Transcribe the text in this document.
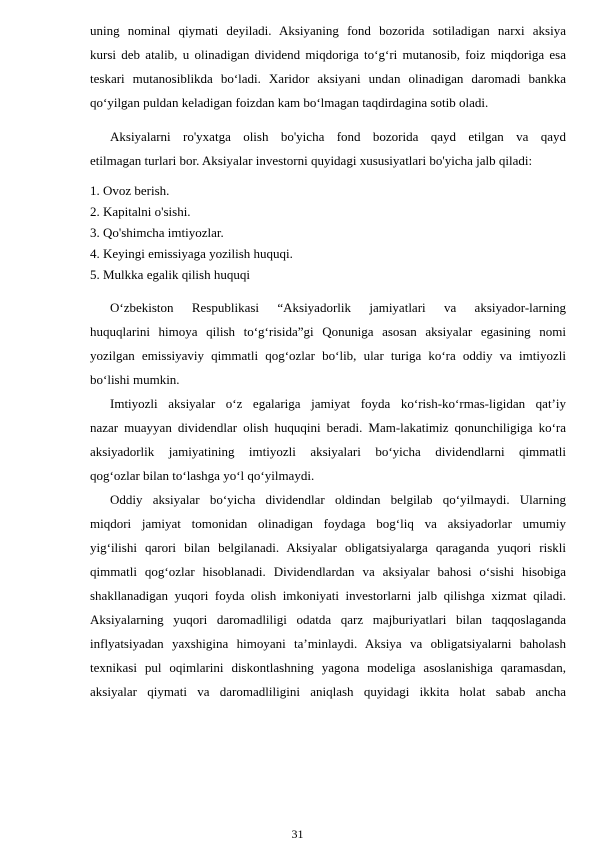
uning nominal qiymati deyiladi. Aksiyaning fond bozorida sotiladigan narxi aksiya
kursi deb atalib, u olinadigan dividend miqdoriga to‘g‘ri mutanosib, foiz miqdoriga esa
teskari mutanosiblikda bo‘ladi. Xaridor aksiyani undan olinadigan daromadi bankka
qo‘yilgan puldan keladigan foizdan kam bo‘lmagan taqdirdagina sotib oladi.
Aksiyalarni ro'yxatga olish bo'yicha fond bozorida qayd etilgan va qayd
etilmagan turlari bor. Aksiyalar investorni quyidagi xususiyatlari bo'yicha jalb qiladi:
1. Ovoz berish.
2. Kapitalni o'sishi.
3. Qo'shimcha imtiyozlar.
4. Keyingi emissiyaga yozilish huquqi.
5. Mulkka egalik qilish huquqi
O‘zbekiston Respublikasi “Aksiyadorlik jamiyatlari va aksiyador-larning
huquqlarini himoya qilish to‘g‘risida”gi Qonuniga asosan aksiyalar egasining nomi
yozilgan emissiyaviy qimmatli qog‘ozlar bo‘lib, ular turiga ko‘ra oddiy va imtiyozli
bo‘lishi mumkin.
Imtiyozli aksiyalar o‘z egalariga jamiyat foyda ko‘rish-ko‘rmas-ligidan qat’iy
nazar muayyan dividendlar olish huquqini beradi. Mam-lakatimiz qonunchiligiga ko‘ra
aksiyadorlik jamiyatining imtiyozli aksiyalari bo‘yicha dividendlarni qimmatli
qog‘ozlar bilan to‘lashga yo‘l qo‘yilmaydi.
Oddiy aksiyalar bo‘yicha dividendlar oldindan belgilab qo‘yilmaydi. Ularning
miqdori jamiyat tomonidan olinadigan foydaga bog‘liq va aksiyadorlar umumiy
yig‘ilishi qarori bilan belgilanadi. Aksiyalar obligatsiyalarga qaraganda yuqori riskli
qimmatli qog‘ozlar hisoblanadi. Dividendlardan va aksiyalar bahosi o‘sishi hisobiga
shakllanadigan yuqori foyda olish imkoniyati investorlarni jalb qilishga xizmat qiladi.
Aksiyalarning yuqori daromadliligi odatda qarz majburiyatlari bilan taqqoslaganda
inflyatsiyadan yaxshigina himoyani ta’minlaydi. Aksiya va obligatsiyalarni baholash
texnikasi pul oqimlarini diskontlashning yagona modeliga asoslanishiga qaramasdan,
aksiyalar qiymati va daromadliligini aniqlash quyidagi ikkita holat sabab ancha
31
